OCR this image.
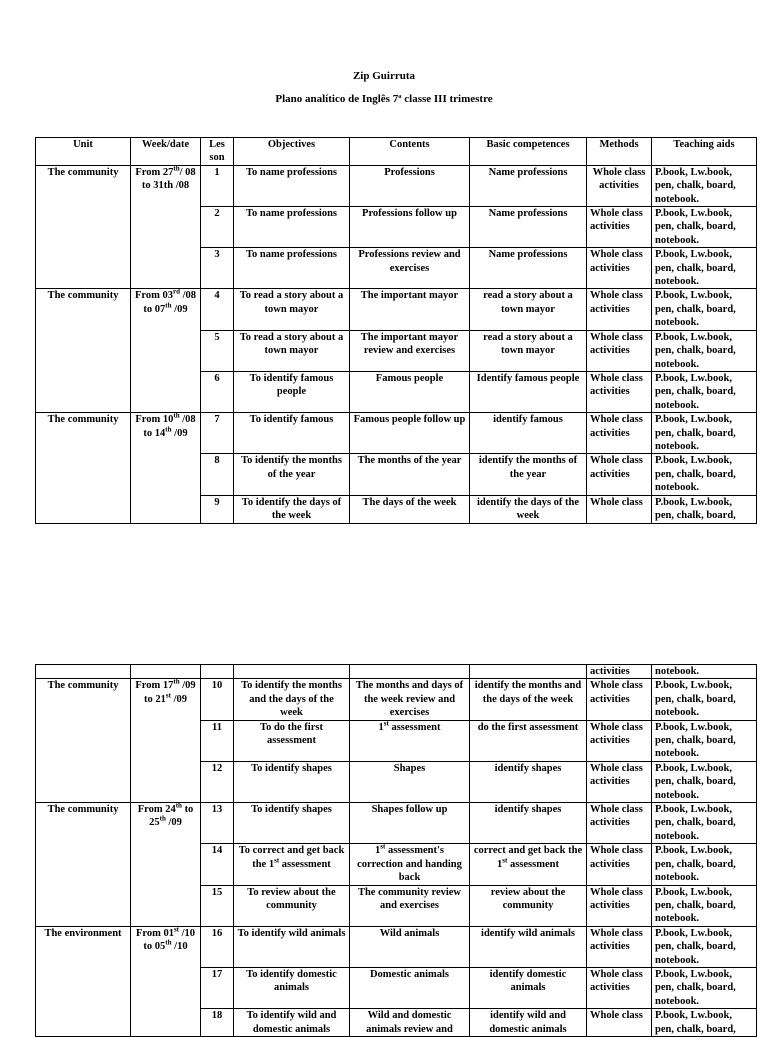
Zip Guirruta
Plano analítico de Inglês 7ª classe III trimestre
Unit	Week/date	Les son	Objectives	Contents	Basic competences	Methods	Teaching aids
The community	From 27th/ 08 to 31th /08	1	To name professions	Professions	Name professions	Whole class activities	P.book, Lw.book, pen, chalk, board, notebook.
		2	To name professions	Professions follow up	Name professions	Whole class activities	P.book, Lw.book, pen, chalk, board, notebook.
		3	To name professions	Professions review and exercises	Name professions	Whole class activities	P.book, Lw.book, pen, chalk, board, notebook.
The community	From 03rd /08 to 07th /09	4	To read a story about a town mayor	The important mayor	read a story about a town mayor	Whole class activities	P.book, Lw.book, pen, chalk, board, notebook.
		5	To read a story about a town mayor	The important mayor review and exercises	read a story about a town mayor	Whole class activities	P.book, Lw.book, pen, chalk, board, notebook.
		6	To identify famous people	Famous people	Identify famous people	Whole class activities	P.book, Lw.book, pen, chalk, board, notebook.
The community	From 10th /08 to 14th /09	7	To identify famous	Famous people follow up	identify famous	Whole class activities	P.book, Lw.book, pen, chalk, board, notebook.
		8	To identify the months of the year	The months of the year	identify the months of the year	Whole class activities	P.book, Lw.book, pen, chalk, board, notebook.
		9	To identify the days of the week	The days of the week	identify the days of the week	Whole class	P.book, Lw.book, pen, chalk, board,
						activities	notebook.
The community	From 17th /09 to 21st /09	10	To identify the months and the days of the week	The months and days of the week review and exercises	identify the months and the days of the week	Whole class activities	P.book, Lw.book, pen, chalk, board, notebook.
		11	To do the first assessment	1st assessment	do the first assessment	Whole class activities	P.book, Lw.book, pen, chalk, board, notebook.
		12	To identify shapes	Shapes	identify shapes	Whole class activities	P.book, Lw.book, pen, chalk, board, notebook.
The community	From 24th to 25th /09	13	To identify shapes	Shapes follow up	identify shapes	Whole class activities	P.book, Lw.book, pen, chalk, board, notebook.
		14	To correct and get back the 1st assessment	1st assessment's correction and handing back	correct and get back the 1st assessment	Whole class activities	P.book, Lw.book, pen, chalk, board, notebook.
		15	To review about the community	The community review and exercises	review about the community	Whole class activities	P.book, Lw.book, pen, chalk, board, notebook.
The environment	From 01st /10 to 05th /10	16	To identify wild animals	Wild animals	identify wild animals	Whole class activities	P.book, Lw.book, pen, chalk, board, notebook.
		17	To identify domestic animals	Domestic animals	identify domestic animals	Whole class activities	P.book, Lw.book, pen, chalk, board, notebook.
		18	To identify wild and domestic animals	Wild and domestic animals review and	identify wild and domestic animals	Whole class	P.book, Lw.book, pen, chalk, board,
